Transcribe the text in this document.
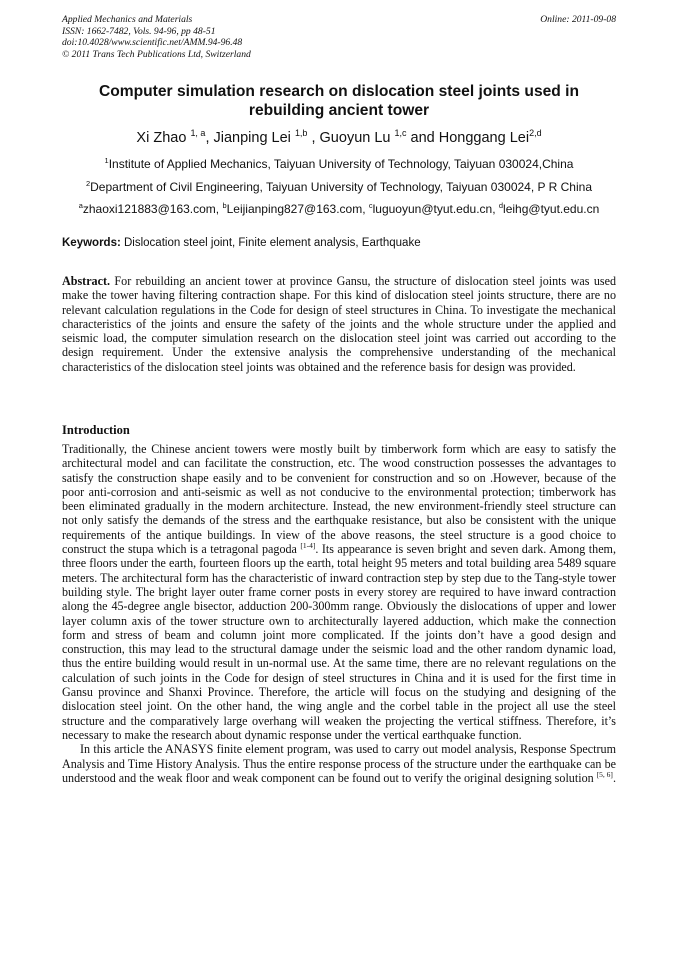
Applied Mechanics and Materials
ISSN: 1662-7482, Vols. 94-96, pp 48-51
doi:10.4028/www.scientific.net/AMM.94-96.48
© 2011 Trans Tech Publications Ltd, Switzerland
Online: 2011-09-08
Computer simulation research on dislocation steel joints used in rebuilding ancient tower
Xi Zhao $^{1, a}$, Jianping Lei $^{1,b}$ , Guoyun Lu $^{1,c}$ and Honggang Lei$^{2,d}$
$^1$Institute of Applied Mechanics, Taiyuan University of Technology, Taiyuan 030024,China
$^2$Department of Civil Engineering, Taiyuan University of Technology, Taiyuan 030024, P R China
$^a$zhaoxi121883@163.com, $^b$Leijianping827@163.com, $^c$luguoyun@tyut.edu.cn, $^d$leihg@tyut.edu.cn
Keywords: Dislocation steel joint, Finite element analysis, Earthquake
Abstract. For rebuilding an ancient tower at province Gansu, the structure of dislocation steel joints was used make the tower having filtering contraction shape. For this kind of dislocation steel joints structure, there are no relevant calculation regulations in the Code for design of steel structures in China. To investigate the mechanical characteristics of the joints and ensure the safety of the joints and the whole structure under the applied and seismic load, the computer simulation research on the dislocation steel joint was carried out according to the design requirement. Under the extensive analysis the comprehensive understanding of the mechanical characteristics of the dislocation steel joints was obtained and the reference basis for design was provided.
Introduction

Traditionally, the Chinese ancient towers were mostly built by timberwork form which are easy to satisfy the architectural model and can facilitate the construction, etc. The wood construction possesses the advantages to satisfy the construction shape easily and to be convenient for construction and so on .However, because of the poor anti-corrosion and anti-seismic as well as not conducive to the environmental protection; timberwork has been eliminated gradually in the modern architecture. Instead, the new environment-friendly steel structure can not only satisfy the demands of the stress and the earthquake resistance, but also be consistent with the unique requirements of the antique buildings. In view of the above reasons, the steel structure is a good choice to construct the stupa which is a tetragonal pagoda [1-4]. Its appearance is seven bright and seven dark. Among them, three floors under the earth, fourteen floors up the earth, total height 95 meters and total building area 5489 square meters. The architectural form has the characteristic of inward contraction step by step due to the Tang-style tower building style. The bright layer outer frame corner posts in every storey are required to have inward contraction along the 45-degree angle bisector, adduction 200-300mm range. Obviously the dislocations of upper and lower layer column axis of the tower structure own to architecturally layered adduction, which make the connection form and stress of beam and column joint more complicated. If the joints don’t have a good design and construction, this may lead to the structural damage under the seismic load and the other random dynamic load, thus the entire building would result in un-normal use. At the same time, there are no relevant regulations on the calculation of such joints in the Code for design of steel structures in China and it is used for the first time in Gansu province and Shanxi Province. Therefore, the article will focus on the studying and designing of the dislocation steel joint. On the other hand, the wing angle and the corbel table in the project all use the steel structure and the comparatively large overhang will weaken the projecting the vertical stiffness. Therefore, it’s necessary to make the research about dynamic response under the vertical earthquake function.

In this article the ANASYS finite element program, was used to carry out model analysis, Response Spectrum Analysis and Time History Analysis. Thus the entire response process of the structure under the earthquake can be understood and the weak floor and weak component can be found out to verify the original designing solution [5, 6].
